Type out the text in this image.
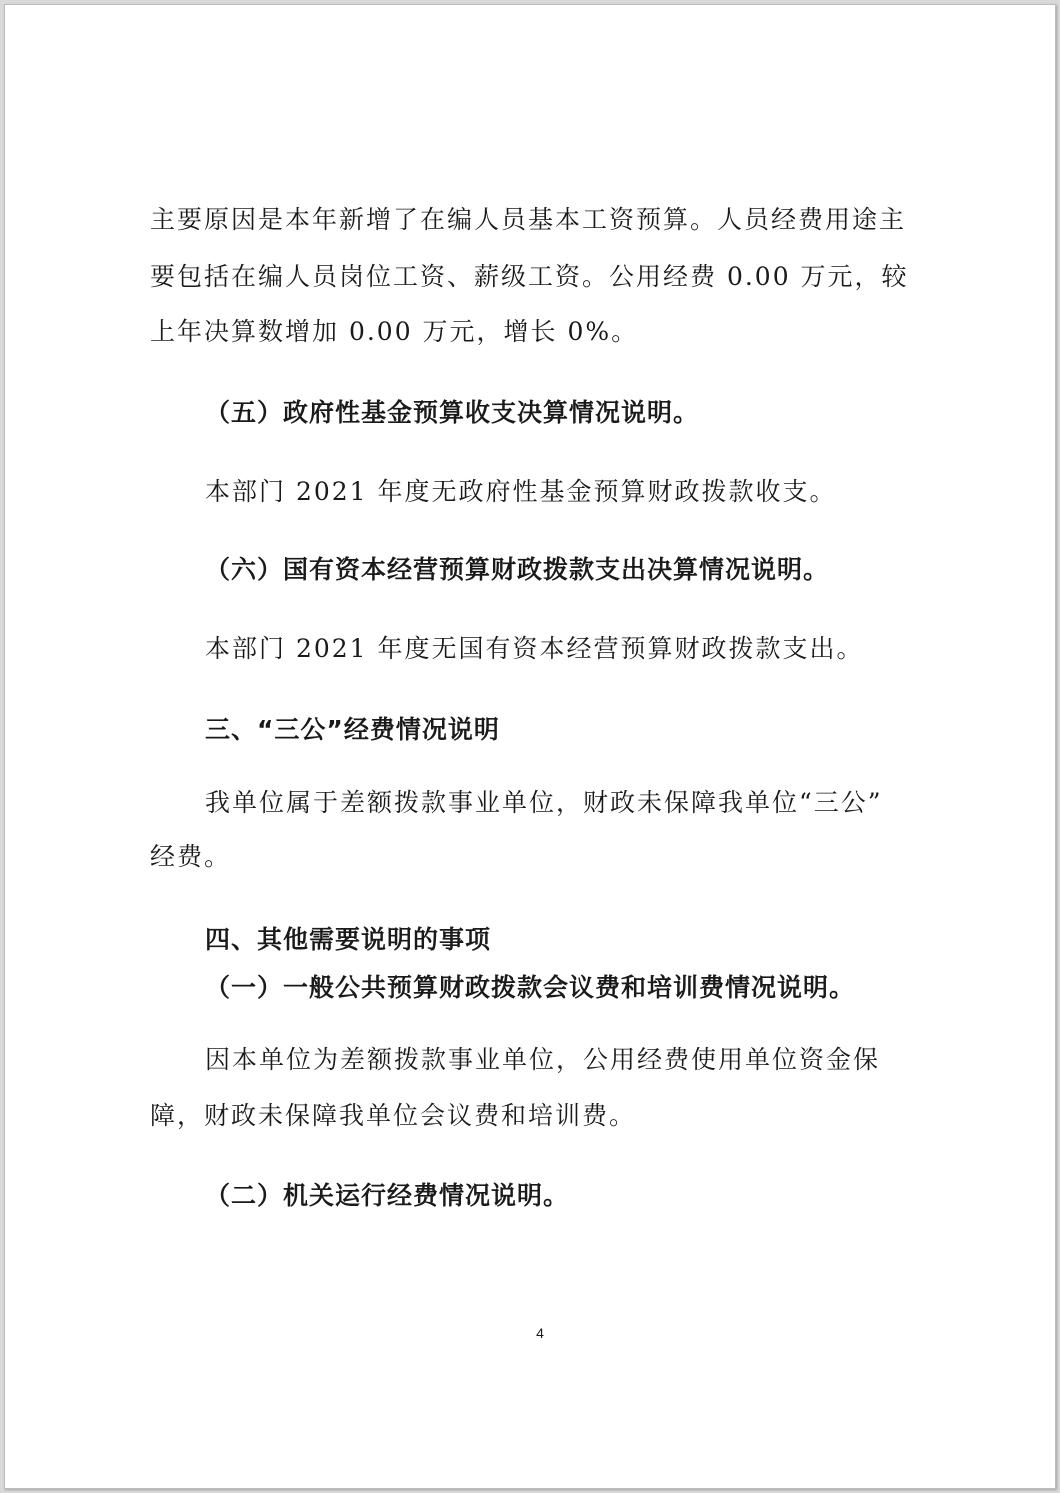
主要原因是本年新增了在编人员基本工资预算。人员经费用途主
要包括在编人员岗位工资、薪级工资。公用经费 0.00 万元，较
上年决算数增加 0.00 万元，增长 0%。
（五）政府性基金预算收支决算情况说明。
本部门 2021 年度无政府性基金预算财政拨款收支。
（六）国有资本经营预算财政拨款支出决算情况说明。
本部门 2021 年度无国有资本经营预算财政拨款支出。
三、“三公”经费情况说明
我单位属于差额拨款事业单位，财政未保障我单位“三公”
经费。
四、其他需要说明的事项
（一）一般公共预算财政拨款会议费和培训费情况说明。
因本单位为差额拨款事业单位，公用经费使用单位资金保
障，财政未保障我单位会议费和培训费。
（二）机关运行经费情况说明。
4
